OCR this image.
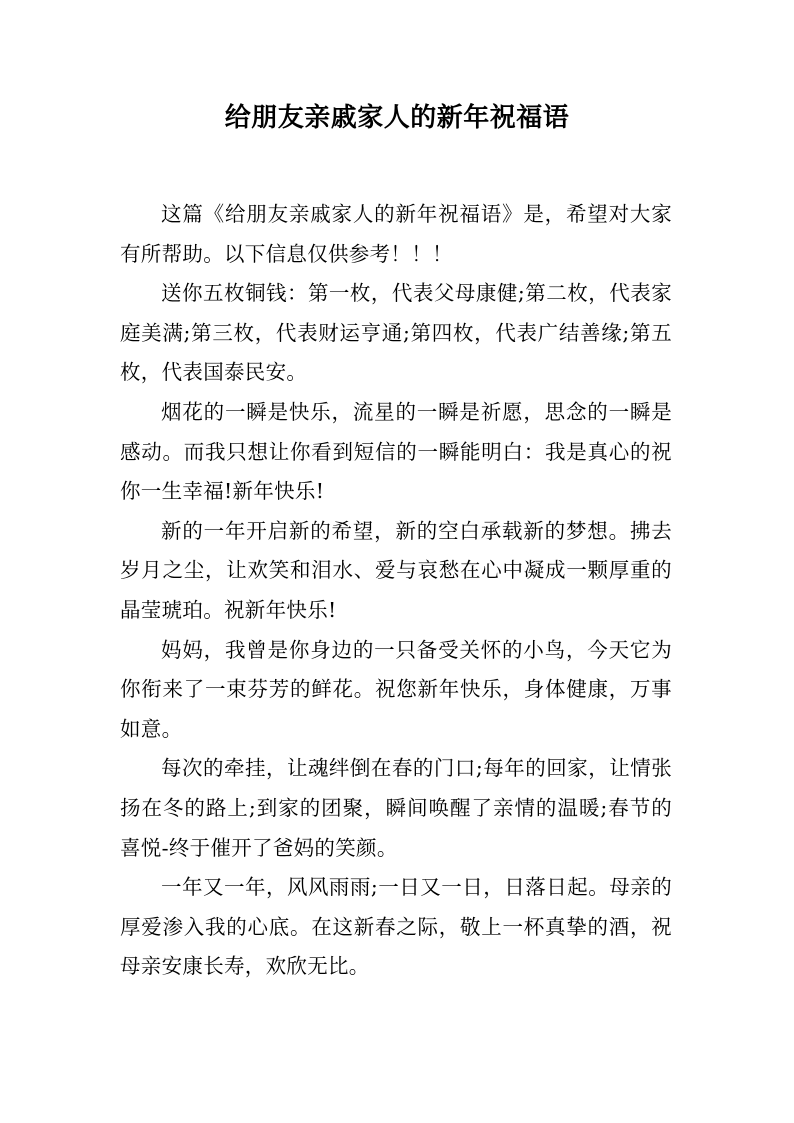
给朋友亲戚家人的新年祝福语

这篇《给朋友亲戚家人的新年祝福语》是，希望对大家有所帮助。以下信息仅供参考！！！

送你五枚铜钱：第一枚，代表父母康健;第二枚，代表家庭美满;第三枚，代表财运亨通;第四枚，代表广结善缘;第五枚，代表国泰民安。

烟花的一瞬是快乐，流星的一瞬是祈愿，思念的一瞬是感动。而我只想让你看到短信的一瞬能明白：我是真心的祝你一生幸福!新年快乐!

新的一年开启新的希望，新的空白承载新的梦想。拂去岁月之尘，让欢笑和泪水、爱与哀愁在心中凝成一颗厚重的晶莹琥珀。祝新年快乐!

妈妈，我曾是你身边的一只备受关怀的小鸟，今天它为你衔来了一束芬芳的鲜花。祝您新年快乐，身体健康，万事如意。

每次的牵挂，让魂绊倒在春的门口;每年的回家，让情张扬在冬的路上;到家的团聚，瞬间唤醒了亲情的温暖;春节的喜悦-终于催开了爸妈的笑颜。

一年又一年，风风雨雨;一日又一日，日落日起。母亲的厚爱渗入我的心底。在这新春之际，敬上一杯真挚的酒，祝母亲安康长寿，欢欣无比。
